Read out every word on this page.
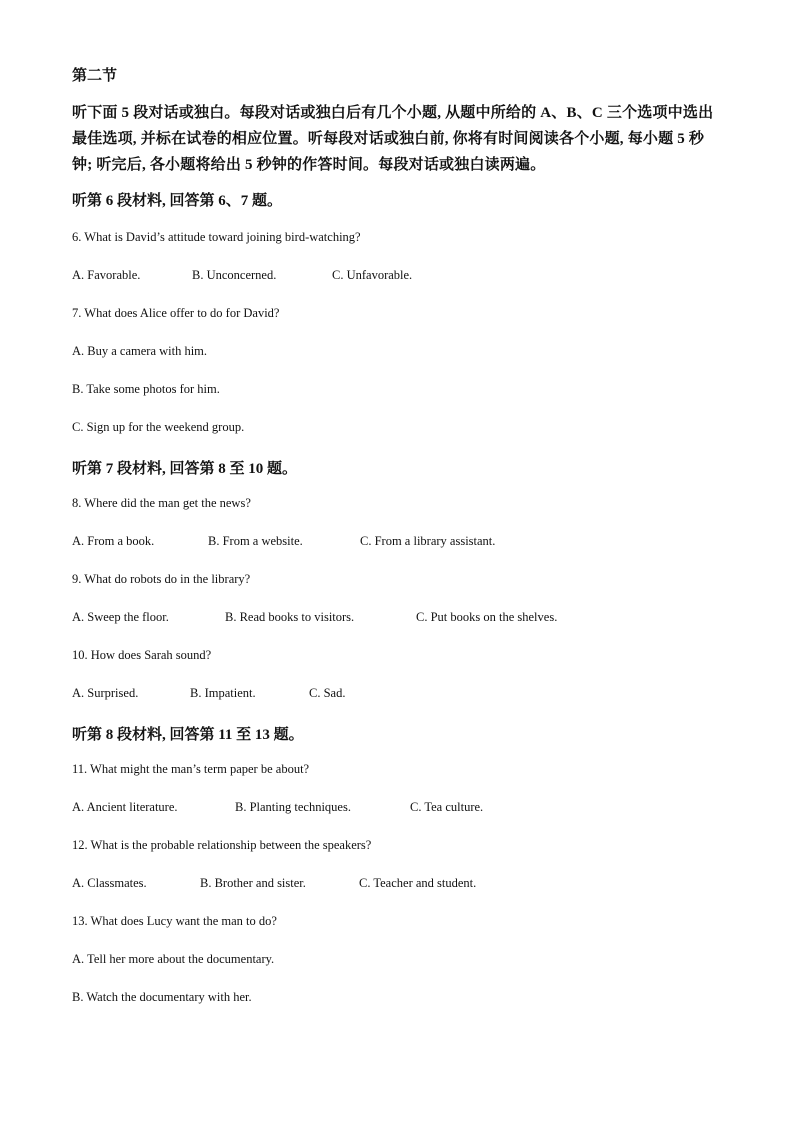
第二节
听下面 5 段对话或独白。每段对话或独白后有几个小题, 从题中所给的 A、B、C 三个选项中选出最佳选项, 并标在试卷的相应位置。听每段对话或独白前, 你将有时间阅读各个小题, 每小题 5 秒钟; 听完后, 各小题将给出 5 秒钟的作答时间。每段对话或独白读两遍。
听第 6 段材料, 回答第 6、7 题。
6. What is David’s attitude toward joining bird-watching?
A. Favorable.	B. Unconcerned.	C. Unfavorable.
7. What does Alice offer to do for David?
A. Buy a camera with him.
B. Take some photos for him.
C. Sign up for the weekend group.
听第 7 段材料, 回答第 8 至 10 题。
8. Where did the man get the news?
A. From a book.	B. From a website.	C. From a library assistant.
9. What do robots do in the library?
A. Sweep the floor.	B. Read books to visitors.	C. Put books on the shelves.
10. How does Sarah sound?
A. Surprised.	B. Impatient.	C. Sad.
听第 8 段材料, 回答第 11 至 13 题。
11. What might the man’s term paper be about?
A. Ancient literature.	B. Planting techniques.	C. Tea culture.
12. What is the probable relationship between the speakers?
A. Classmates.	B. Brother and sister.	C. Teacher and student.
13. What does Lucy want the man to do?
A. Tell her more about the documentary.
B. Watch the documentary with her.
